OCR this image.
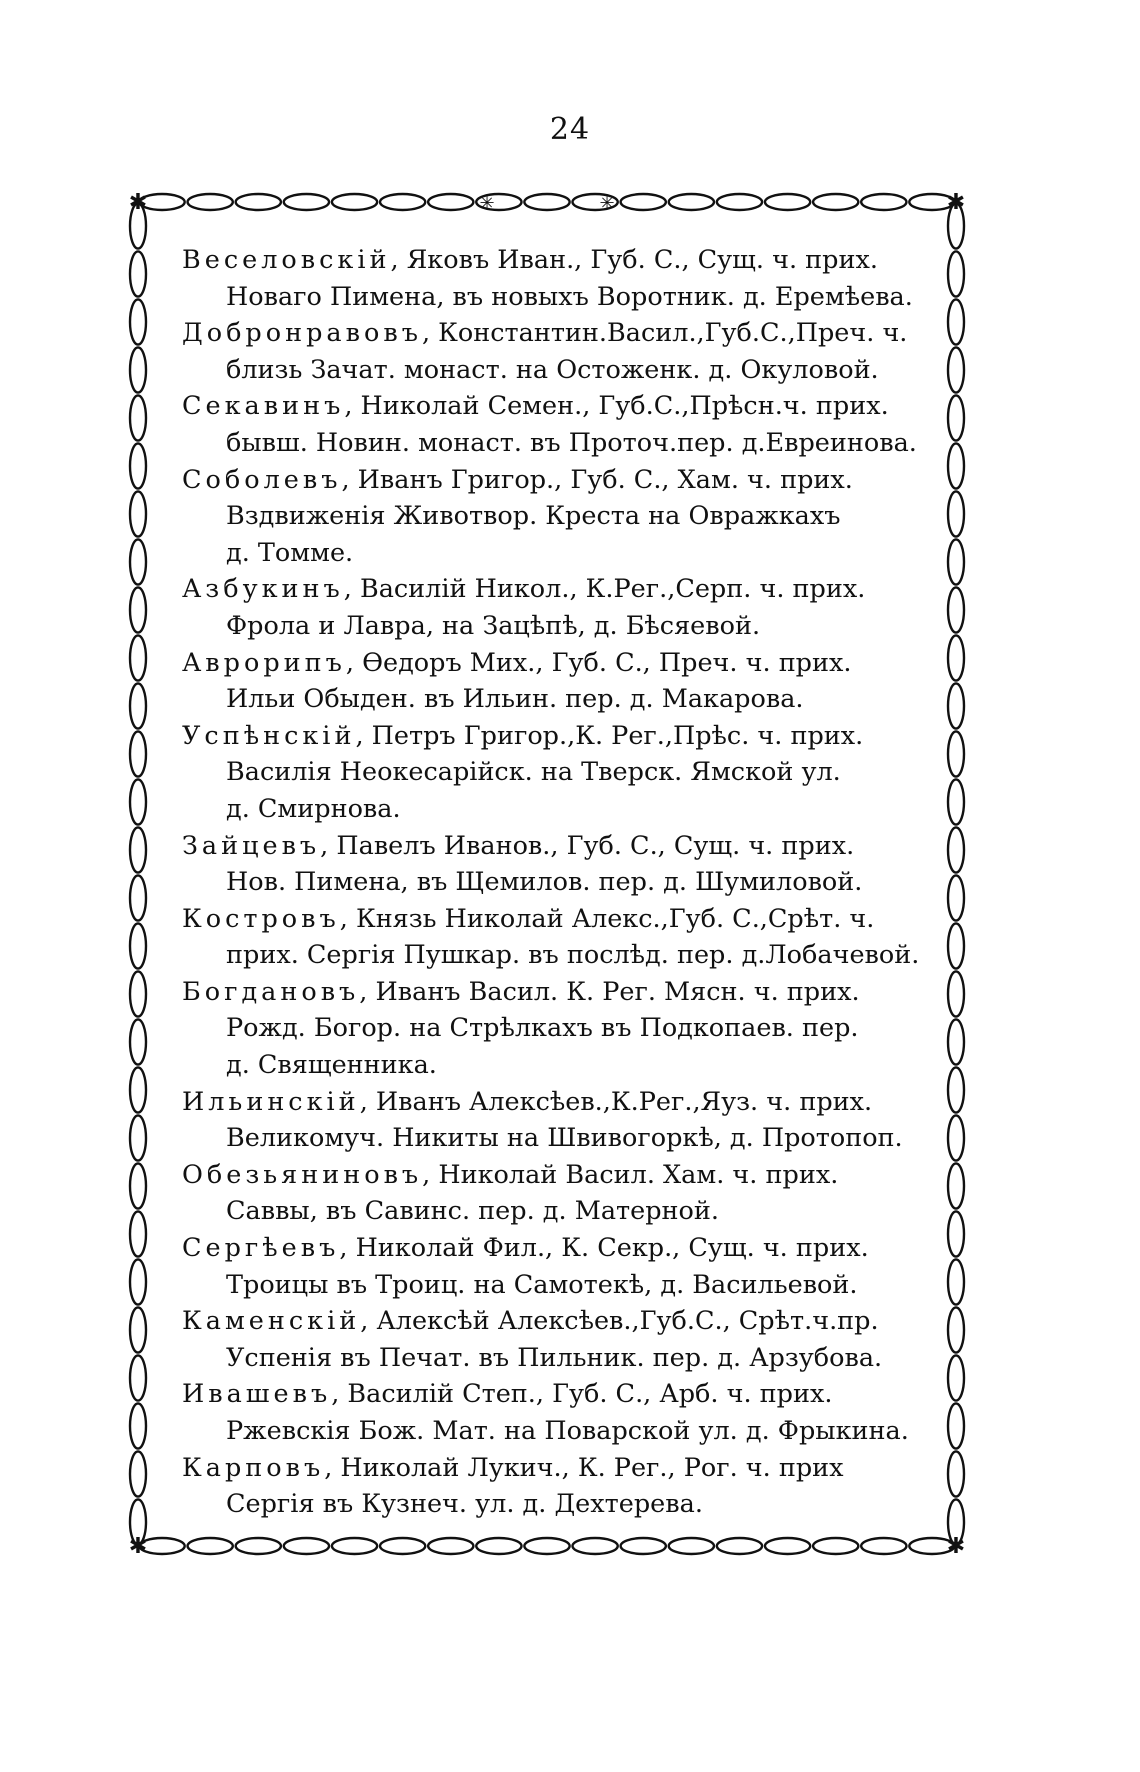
24
✱	✱
✱	✱
✳	✳

Веселовскій, Яковъ Иван., Губ. С., Сущ. ч. прих.

Новаго Пимена, въ новыхъ Воротник. д. Еремѣева.

Добронравовъ, Константин.Васил.,Губ.С.,Преч. ч.

близь Зачат. монаст. на Остоженк. д. Окуловой.

Секавинъ, Николай Семен., Губ.С.,Прѣсн.ч. прих.

бывш. Новин. монаст. въ Проточ.пер. д.Евреинова.

Соболевъ, Иванъ Григор., Губ. С., Хам. ч. прих.

Вздвиженія Животвор. Креста на Овражкахъ

д. Томме.

Азбукинъ, Василій Никол., К.Рег.,Серп. ч. прих.

Фрола и Лавра, на Зацѣпѣ, д. Бѣсяевой.

Аврорипъ, Ѳедоръ Мих., Губ. С., Преч. ч. прих.

Ильи Обыден. въ Ильин. пер. д. Макарова.

Успѣнскій, Петръ Григор.,К. Рег.,Прѣс. ч. прих.

Василія Неокесарійск. на Тверск. Ямской ул.

д. Смирнова.

Зайцевъ, Павелъ Иванов., Губ. С., Сущ. ч. прих.

Нов. Пимена, въ Щемилов. пер. д. Шумиловой.

Костровъ, Князь Николай Алекс.,Губ. С.,Срѣт. ч.

прих. Сергія Пушкар. въ послѣд. пер. д.Лобачевой.

Богдановъ, Иванъ Васил. К. Рег. Мясн. ч. прих.

Рожд. Богор. на Стрѣлкахъ въ Подкопаев. пер.

д. Священника.

Ильинскій, Иванъ Алексѣев.,К.Рег.,Яуз. ч. прих.

Великомуч. Никиты на Швивогоркѣ, д. Протопоп.

Обезьяниновъ, Николай Васил. Хам. ч. прих.

Саввы, въ Савинс. пер. д. Матерной.

Сергѣевъ, Николай Фил., К. Секр., Сущ. ч. прих.

Троицы въ Троиц. на Самотекѣ, д. Васильевой.

Каменскій, Алексѣй Алексѣев.,Губ.С., Срѣт.ч.пр.

Успенія въ Печат. въ Пильник. пер. д. Арзубова.

Ивашевъ, Василій Степ., Губ. С., Арб. ч. прих.

Ржевскія Бож. Мат. на Поварской ул. д. Фрыкина.

Карповъ, Николай Лукич., К. Рег., Рог. ч. прих

Сергія въ Кузнеч. ул. д. Дехтерева.
